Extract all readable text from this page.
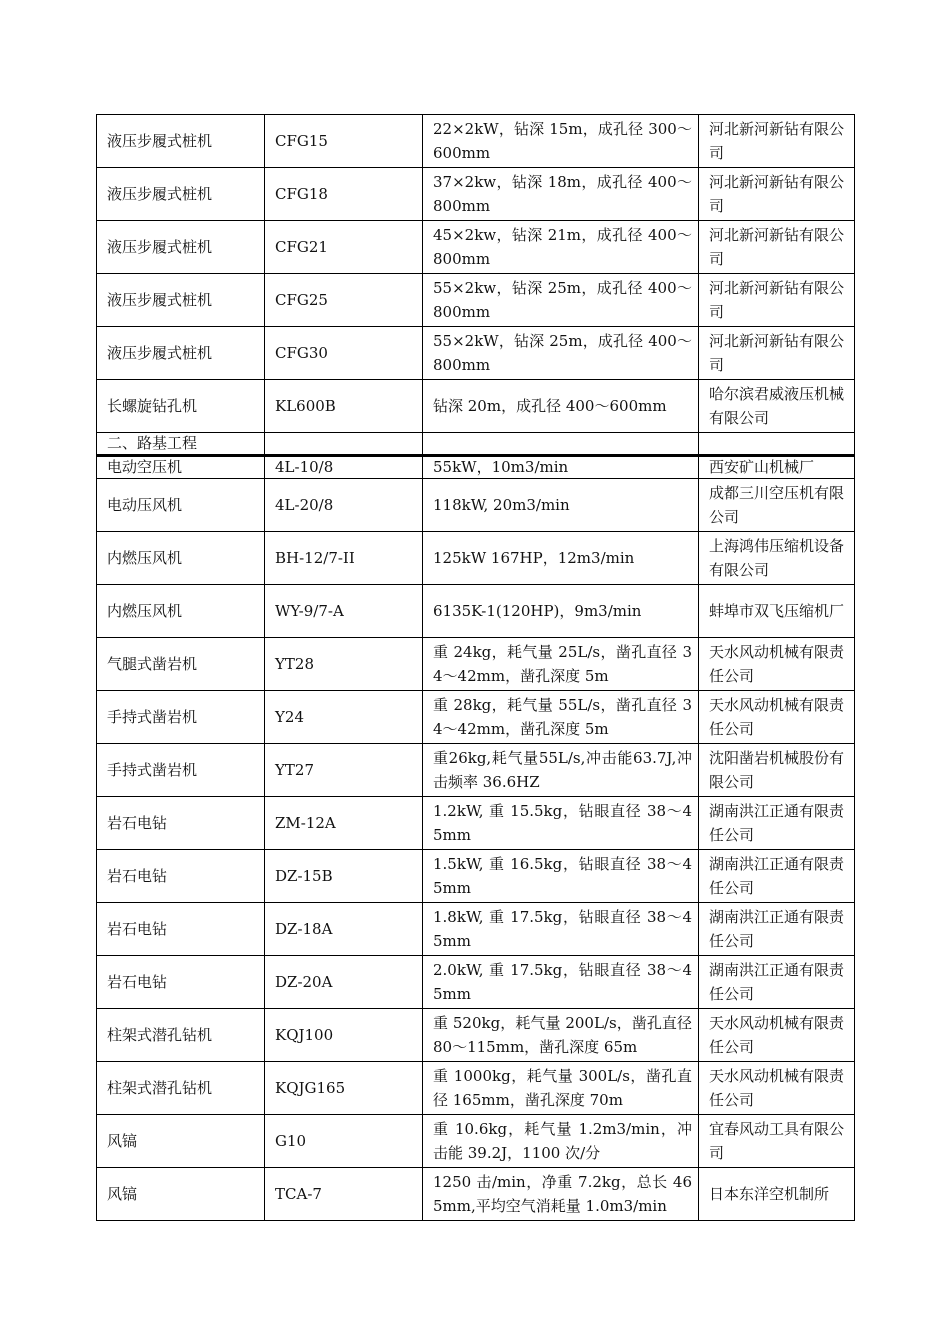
液压步履式桩机	CFG15	22×2kW，钻深 15m，成孔径 300～600mm	河北新河新钻有限公司
液压步履式桩机	CFG18	37×2kw，钻深 18m，成孔径 400～800mm	河北新河新钻有限公司
液压步履式桩机	CFG21	45×2kw，钻深 21m，成孔径 400～800mm	河北新河新钻有限公司
液压步履式桩机	CFG25	55×2kw，钻深 25m，成孔径 400～800mm	河北新河新钻有限公司
液压步履式桩机	CFG30	55×2kW，钻深 25m，成孔径 400～800mm	河北新河新钻有限公司
长螺旋钻孔机	KL600B	钻深 20m，成孔径 400～600mm	哈尔滨君威液压机械有限公司
二、路基工程			
电动空压机	4L-10/8	55kW，10m3/min	西安矿山机械厂
电动压风机	4L-20/8	118kW, 20m3/min	成都三川空压机有限公司
内燃压风机	BH-12/7-II	125kW 167HP，12m3/min	上海鸿伟压缩机设备有限公司
内燃压风机	WY-9/7-A	6135K-1(120HP)，9m3/min	蚌埠市双飞压缩机厂
气腿式凿岩机	YT28	重 24kg，耗气量 25L/s，凿孔直径 34～42mm，凿孔深度 5m	天水风动机械有限责任公司
手持式凿岩机	Y24	重 28kg，耗气量 55L/s，凿孔直径 34～42mm，凿孔深度 5m	天水风动机械有限责任公司
手持式凿岩机	YT27	重26kg,耗气量55L/s,冲击能63.7J,冲击频率 36.6HZ	沈阳凿岩机械股份有限公司
岩石电钻	ZM-12A	1.2kW, 重 15.5kg，钻眼直径 38～45mm	湖南洪江正通有限责任公司
岩石电钻	DZ-15B	1.5kW, 重 16.5kg，钻眼直径 38～45mm	湖南洪江正通有限责任公司
岩石电钻	DZ-18A	1.8kW, 重 17.5kg，钻眼直径 38～45mm	湖南洪江正通有限责任公司
岩石电钻	DZ-20A	2.0kW, 重 17.5kg，钻眼直径 38～45mm	湖南洪江正通有限责任公司
柱架式潜孔钻机	KQJ100	重 520kg，耗气量 200L/s，凿孔直径 80～115mm，凿孔深度 65m	天水风动机械有限责任公司
柱架式潜孔钻机	KQJG165	重 1000kg，耗气量 300L/s，凿孔直径 165mm，凿孔深度 70m	天水风动机械有限责任公司
风镐	G10	重 10.6kg，耗气量 1.2m3/min，冲击能 39.2J，1100 次/分	宜春风动工具有限公司
风镐	TCA-7	1250 击/min，净重 7.2kg，总长 465mm,平均空气消耗量 1.0m3/min	日本东洋空机制所
